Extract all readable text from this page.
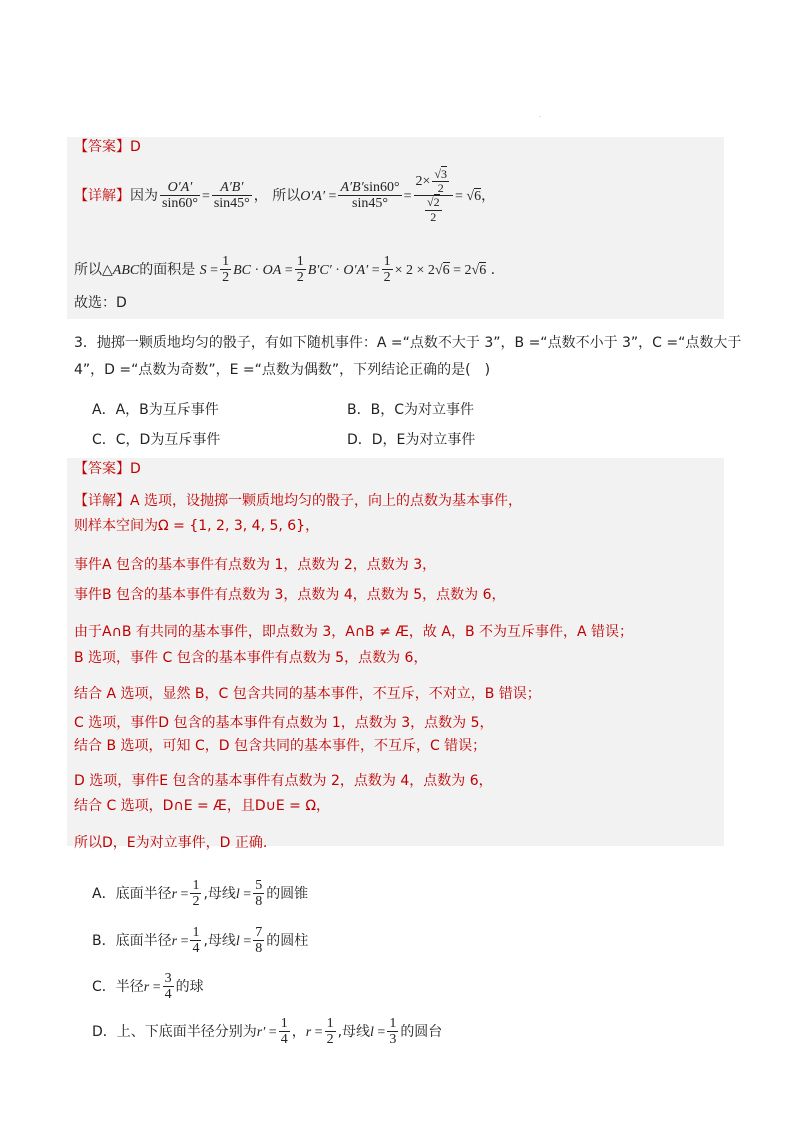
.
【答案】D
【详解】因为 $\frac{O'A'}{\sin 60^\circ} = \frac{A'B'}{\sin 45^\circ}$ ， 所以$O'A' = \frac{A'B'\sin 60^\circ}{\sin 45^\circ} = \frac{2\times \frac{√3}{2}}{\frac{√2}{2}} = √6$，
所以△ABC的面积是 $S = \frac{1}{2}$ BC · OA = $\frac{1}{2} B'C' \cdot O'A' = \frac{1}{2} \times 2 \times 2√6 = 2√6$ .
故选：D
3．抛掷一颗质地均匀的骰子，有如下随机事件：A =“点数不大于 3”，B =“点数不小于 3”，C =“点数大于
4”，D =“点数为奇数”，E =“点数为偶数”，下列结论正确的是(　)
A．A，B为互斥事件	B．B，C为对立事件
C．C，D为互斥事件	D．D，E为对立事件
【答案】D
【详解】A 选项，设抛掷一颗质地均匀的骰子，向上的点数为基本事件，
则样本空间为Ω = {1, 2, 3, 4, 5, 6}，
事件A 包含的基本事件有点数为 1，点数为 2，点数为 3，
事件B 包含的基本事件有点数为 3，点数为 4，点数为 5，点数为 6，
由于A∩B 有共同的基本事件，即点数为 3，A∩B ≠ Æ，故 A，B 不为互斥事件，A 错误；
B 选项，事件 C 包含的基本事件有点数为 5，点数为 6，
结合 A 选项，显然 B，C 包含共同的基本事件，不互斥，不对立，B 错误；
C 选项，事件D 包含的基本事件有点数为 1，点数为 3，点数为 5，
结合 B 选项，可知 C，D 包含共同的基本事件，不互斥，C 错误；
D 选项，事件E 包含的基本事件有点数为 2，点数为 4，点数为 6，
结合 C 选项，D∩E = Æ，且D∪E = Ω，
所以D，E为对立事件，D 正确.
A．底面半径$r = \frac{1}{2}$ ,母线$l = \frac{5}{8}$ 的圆锥
B．底面半径$r = \frac{1}{4}$ ,母线$l = \frac{7}{8}$ 的圆柱
C．半径$r = \frac{3}{4}$ 的球
D．上、下底面半径分别为$r' = \frac{1}{4}$ ，$r = \frac{1}{2}$ ,母线$l = \frac{1}{3}$ 的圆台
